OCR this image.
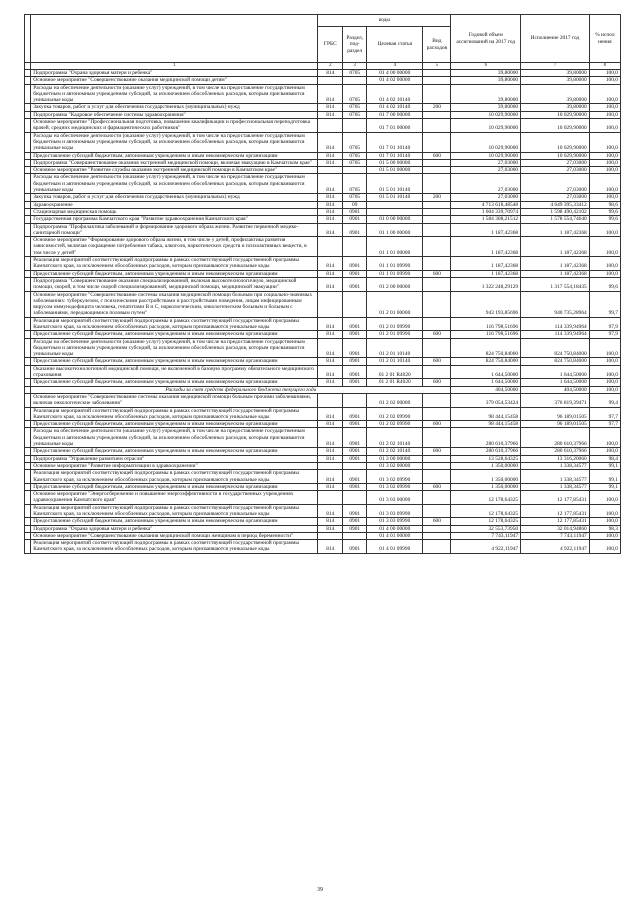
		коды				Годовой объем ассигнований на 2017 год	Исполнение 2017 год	% испол нения
		ГРБС	Раздел, под-раздел	Целевая статья	Вид расходов			
	1	2	3	4	5	6	7	8
	Подпрограмма "Охрана здоровья матери и ребенка"	814	0705	01 4 00 00000		39,80000	39,80000	100,0
	Основное мероприятие "Совершенствование оказания медицинской помощи детям"			01 4 02 00000		39,80000	39,80000	100,0
	Расходы на обеспечение деятельности (оказание услуг) учреждений, в том числе на предоставление государственным бюджетным и автономным учреждениям субсидий, за исключением обособленных расходов, которым присваиваются уникальные коды	814	0705	01 4 02 10140		39,80000	39,80000	100,0
	Закупка товаров, работ и услуг для обеспечения государственных (муниципальных) нужд	814	0705	01 4 02 10140	200	39,80000	39,80000	100,0
	Подпрограмма "Кадровое обеспечение системы здравоохранения"	814	0705	01 7 00 00000		10 029,90000	10 029,90000	100,0
	Основное мероприятие "Профессиональная подготовка, повышение квалификации и профессиональная переподготовка врачей, средних медицинских и фармацевтических работников"			01 7 01 00000		10 029,90000	10 029,90000	100,0
	Расходы на обеспечение деятельности (оказание услуг) учреждений, в том числе на предоставление государственным бюджетным и автономным учреждениям субсидий, за исключением обособленных расходов, которым присваиваются уникальные коды	814	0705	01 7 01 10140		10 029,90000	10 029,90000	100,0
	Предоставление субсидий бюджетным, автономным учреждениям и иным некоммерческим организациям	814	0705	01 7 01 10140	600	10 029,90000	10 029,90000	100,0
	Подпрограмма "Совершенствование оказания экстренной медицинской помощи, включая эвакуацию в Камчатском крае"	814	0705	01 5 00 00000		27,03000	27,03000	100,0
	Основное мероприятие "Развитие службы оказания экстренной медицинской помощи в Камчатском крае"			01 5 01 00000		27,03000	27,03000	100,0
	Расходы на обеспечение деятельности (оказание услуг) учреждений, в том числе на предоставление государственным бюджетным и автономным учреждениям субсидий, за исключением обособленных расходов, которым присваиваются уникальные коды	814	0705	01 5 01 10140		27,03000	27,03000	100,0
	Закупка товаров, работ и услуг для обеспечения государственных (муниципальных) нужд	814	0705	01 5 01 10140	200	27,03000	27,03000	100,0
	Здравоохранение	814	09			4 713 618,48548	4 649 395,33412	98,6
	Стационарная медицинская помощь	814	0901			1 604 339,70974	1 598 490,42102	99,6
	Государственная программа Камчатского края "Развитие здравоохранения Камчатского края"	814	0901	01 0 00 00000		1 584 308,21512	1 578 554,74640	99,6
	Подпрограмма "Профилактика заболеваний и формирование здорового образа жизни. Развитие первичной медико-санитарной помощи"	814	0901	01 1 00 00000		1 187,42368	1 187,42368	100,0
	Основное мероприятие "Формирование здорового образа жизни, в том числе у детей, профилактика развития зависимостей, включая сокращение потребления табака, алкоголя, наркотических средств и психоактивных веществ, в том числе у детей"			01 1 01 00000		1 187,42368	1 187,42368	100,0
	Реализация мероприятий соответствующей подпрограммы в рамках соответствующей государственной программы Камчатского края, за исключением обособленных расходов, которым присваиваются уникальные коды	814	0901	01 1 01 09990		1 187,42368	1 187,42368	100,0
	Предоставление субсидий бюджетным, автономным учреждениям и иным некоммерческим организациям	814	0901	01 1 01 09990	600	1 187,42368	1 187,42368	100,0
	Подпрограмма "Совершенствование оказания специализированной, включая высокотехнологичную, медицинской помощи, скорой, в том числе скорой специализированной, медицинской помощи, медицинской эвакуации"	814	0901	01 2 00 00000		1 322 248,29129	1 317 554,18435	99,6
	Основное мероприятие "Совершенствование системы оказания медицинской помощи больным при социально-значимых заболеваниях: туберкулезом, с психическими расстройствами и расстройствами поведения, лицам инфицированным вирусом иммунодефицита человека, гепатитами В и С, наркологическим, онкологическим больным и больным с заболеваниями, передающимися половым путем"			01 2 01 00000		943 193,85696	940 735,28964	99,7
	Реализация мероприятий соответствующей подпрограммы в рамках соответствующей государственной программы Камчатского края, за исключением обособленных расходов, которым присваиваются уникальные коды	814	0901	01 2 01 09990		116 798,51696	114 339,94964	97,9
	Предоставление субсидий бюджетным, автономным учреждениям и иным некоммерческим организациям	814	0901	01 2 01 09990	600	116 798,51696	114 339,94964	97,9
	Расходы на обеспечение деятельности (оказание услуг) учреждений, в том числе на предоставление государственным бюджетным и автономным учреждениям субсидий, за исключением обособленных расходов, которым присваиваются уникальные коды	814	0901	01 2 01 10140		824 750,84000	824 750,84000	100,0
	Предоставление субсидий бюджетным, автономным учреждениям и иным некоммерческим организациям	814	0901	01 2 01 10140	600	824 750,84000	824 750,84000	100,0
	Оказание высокотехнологичной медицинской помощи, не включенной в базовую программу обязательного медицинского страхования	814	0901	01 2 01 R4020		1 644,50000	1 644,50000	100,0
	Предоставление субсидий бюджетным, автономным учреждениям и иным некоммерческим организациям	814	0901	01 2 01 R4020	600	1 644,50000	1 644,50000	100,0
	Расходы за счет средств федерального бюджета текущего года					404,50000	404,50000	100,0
	Основное мероприятие "Совершенствование системы оказания медицинской помощи больным прочими заболеваниями, включая онкологические заболевания"			01 2 02 00000		379 054,53424	376 819,39471	99,4
	Реализация мероприятий соответствующей подпрограммы в рамках соответствующей государственной программы Камчатского края, за исключением обособленных расходов, которым присваиваются уникальные коды	814	0901	01 2 02 09990		98 444,15458	96 189,01505	97,7
	Предоставление субсидий бюджетным, автономным учреждениям и иным некоммерческим организациям	814	0901	01 2 02 09990	600	98 444,15458	96 189,01505	97,7
	Расходы на обеспечение деятельности (оказание услуг) учреждений, в том числе на предоставление государственным бюджетным и автономным учреждениям субсидий, за исключением обособленных расходов, которым присваиваются уникальные коды	814	0901	01 2 02 10140		280 610,37966	280 610,37966	100,0
	Предоставление субсидий бюджетным, автономным учреждениям и иным некоммерческим организациям	814	0901	01 2 02 10140	600	280 610,37966	280 610,37966	100,0
	Подпрограмма "Управление развитием отрасли"	814	0901	01 3 00 00000		13 528,64325	13 316,20060	98,4
	Основное мероприятие "Развитие информатизации в здравоохранении"			01 3 02 00000		1 350,00000	1 338,34577	99,1
	Реализация мероприятий соответствующей подпрограммы в рамках соответствующей государственной программы Камчатского края, за исключением обособленных расходов, которым присваиваются уникальные коды	814	0901	01 3 02 09990		1 350,00000	1 338,34577	99,1
	Предоставление субсидий бюджетным, автономным учреждениям и иным некоммерческим организациям	814	0901	01 3 02 09990	600	1 350,00000	1 338,34577	99,1
	Основное мероприятие "Энергосбережение и повышение энергоэффективности в государственных учреждениях здравоохранения Камчатского края"			01 3 03 00000		12 178,64325	12 177,85431	100,0
	Реализация мероприятий соответствующей подпрограммы в рамках соответствующей государственной программы Камчатского края, за исключением обособленных расходов, которым присваиваются уникальные коды	814	0901	01 3 03 09990		12 178,64325	12 177,85431	100,0
	Предоставление субсидий бюджетным, автономным учреждениям и иным некоммерческим организациям	814	0901	01 3 03 09990	600	12 178,64325	12 177,85431	100,0
	Подпрограмма "Охрана здоровья матери и ребенка"	814	0901	01 4 00 00000		32 553,73950	32 014,94860	98,3
	Основное мероприятие "Совершенствование оказания медицинской помощи женщинам в период беременности"			01 4 01 00000		7 743,11947	7 743,11947	100,0
	Реализация мероприятий соответствующей подпрограммы в рамках соответствующей государственной программы Камчатского края, за исключением обособленных расходов, которым присваиваются уникальные коды	814	0901	01 4 01 09990		4 922,11947	4 922,11947	100,0
39
